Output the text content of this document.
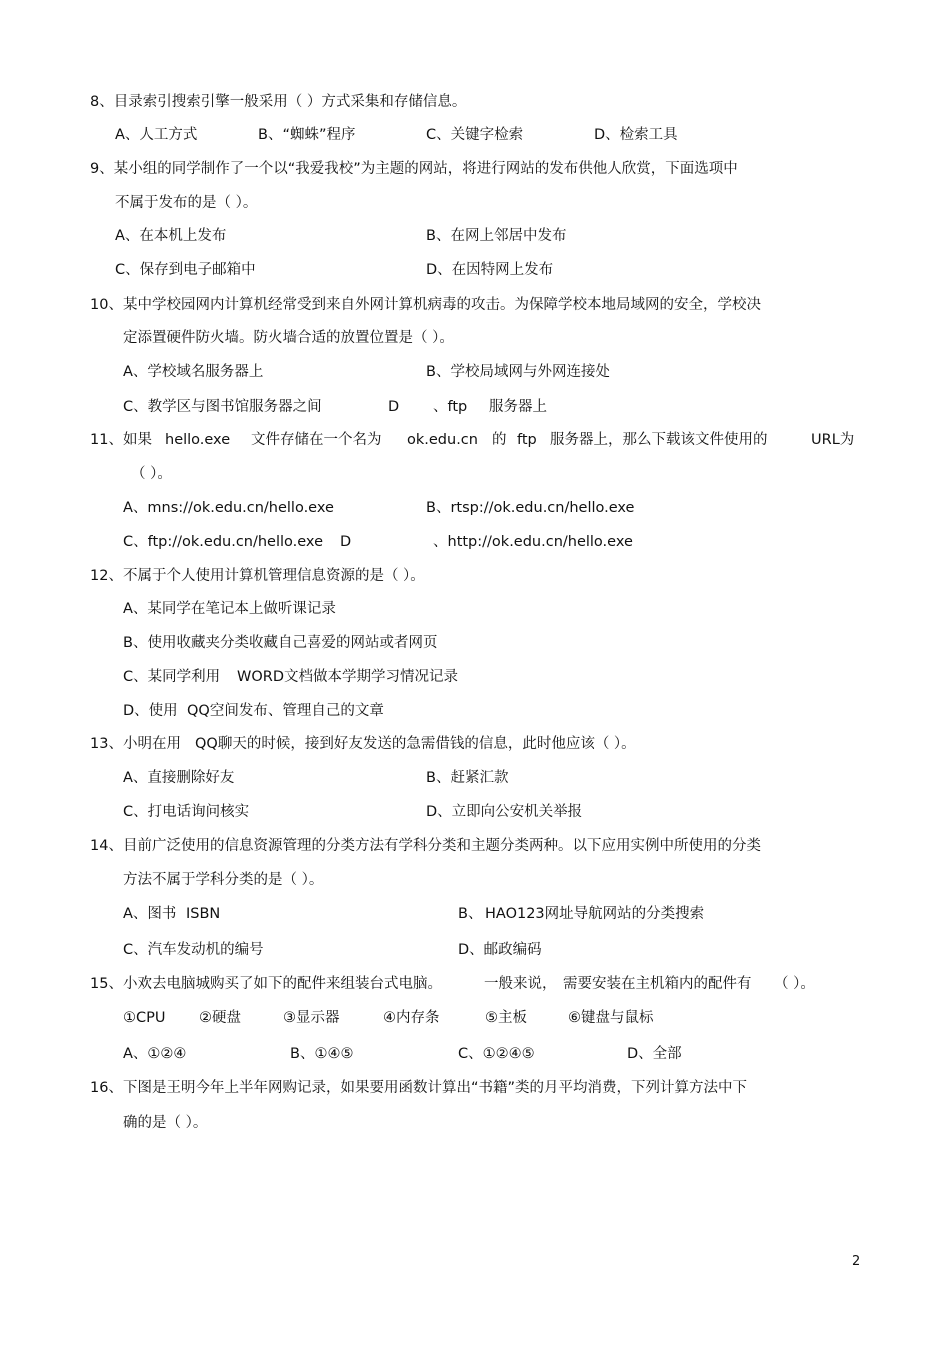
8、目录索引搜索引擎一般采用（ ）方式采集和存储信息。
A、人工方式	B、“蜘蛛”程序	C、关键字检索	D、检索工具
9、某小组的同学制作了一个以“我爱我校”为主题的网站，将进行网站的发布供他人欣赏，下面选项中
不属于发布的是（ ）。
A、在本机上发布	B、在网上邻居中发布
C、保存到电子邮箱中	D、在因特网上发布
10、某中学校园网内计算机经常受到来自外网计算机病毒的攻击。为保障学校本地局域网的安全，学校决
定添置硬件防火墙。防火墙合适的放置位置是（ ）。
A、学校域名服务器上	B、学校局域网与外网连接处
C、教学区与图书馆服务器之间	D 、ftp 服务器上
11、如果 hello.exe 文件存储在一个名为 ok.edu.cn 的 ftp 服务器上，那么下载该文件使用的	URL为
（ ）。
A、mns://ok.edu.cn/hello.exe	B、rtsp://ok.edu.cn/hello.exe
C、ftp://ok.edu.cn/hello.exe D	、http://ok.edu.cn/hello.exe
12、不属于个人使用计算机管理信息资源的是（ ）。
A、某同学在笔记本上做听课记录
B、使用收藏夹分类收藏自己喜爱的网站或者网页
C、某同学利用 WORD文档做本学期学习情况记录
D、使用 QQ空间发布、管理自己的文章
13、小明在用 QQ聊天的时候，接到好友发送的急需借钱的信息，此时他应该（ ）。
A、直接删除好友	B、赶紧汇款
C、打电话询问核实	D、立即向公安机关举报
14、目前广泛使用的信息资源管理的分类方法有学科分类和主题分类两种。以下应用实例中所使用的分类
方法不属于学科分类的是（ ）。
A、图书 ISBN	B、 HAO123网址导航网站的分类搜索
C、汽车发动机的编号	D、邮政编码
15、小欢去电脑城购买了如下的配件来组装台式电脑。	一般来说， 需要安装在主机箱内的配件有 （ ）。
①CPU ②硬盘	③显示器	④内存条	⑤主板	⑥键盘与鼠标
A、①②④	B、①④⑤	C、①②④⑤	D、全部
16、下图是王明今年上半年网购记录，如果要用函数计算出“书籍”类的月平均消费，下列计算方法中下
确的是（ ）。
2
